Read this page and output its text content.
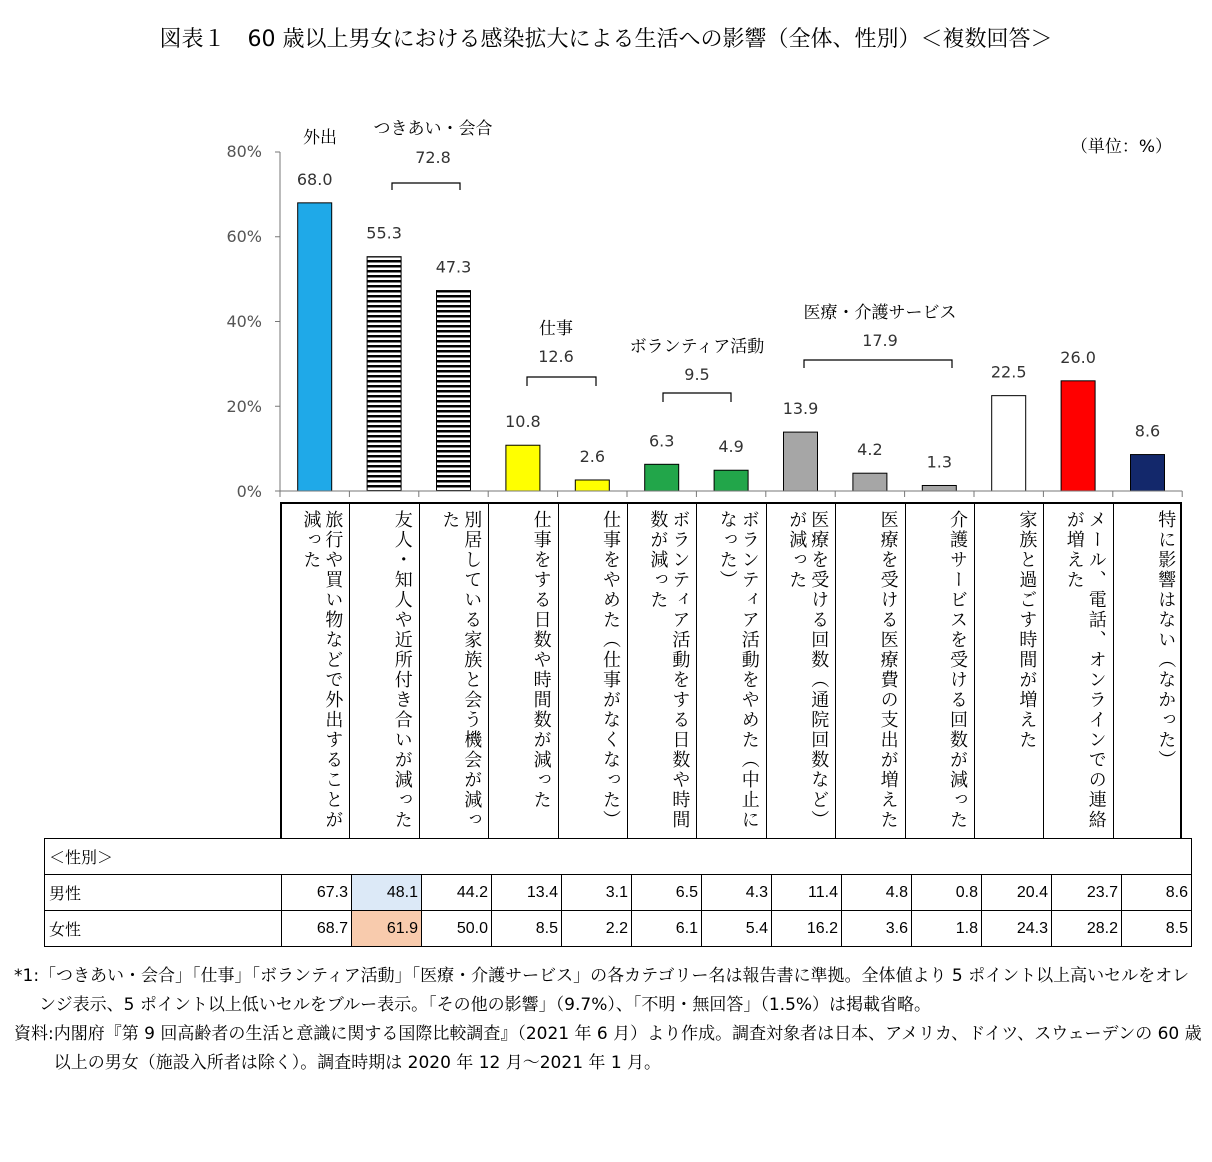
図表１　60 歳以上男女における感染拡大による生活への影響（全体、性別）＜複数回答＞
（単位：%）
0%
20%
40%
60%
80%
68.0
55.3
47.3
10.8
2.6
6.3	4.9
13.9
4.2
1.3
22.5
26.0
8.6
外出 つきあい・会合
72.8
仕事
12.6	ボランティア活動
9.5
医療・介護サービス
17.9
旅行や買い物などで外出することが減った	友人・知人や近所付き合いが減った	別居している家族と会う機会が減った	仕事をする日数や時間数が減った	仕事をやめた（仕事がなくなった）	ボランティア活動をする日数や時間数が減った	ボランティア活動をやめた（中止になった）	医療を受ける回数（通院回数など）が減った	医療を受ける医療費の支出が増えた	介護サービスを受ける回数が減った	家族と過ごす時間が増えた	メール、電話、オンラインでの連絡が増えた	特に影響はない（なかった）
＜性別＞													
男性	67.3	48.1	44.2	13.4	3.1	6.5	4.3	11.4	4.8	0.8	20.4	23.7	8.6
女性	68.7	61.9	50.0	8.5	2.2	6.1	5.4	16.2	3.6	1.8	24.3	28.2	8.5
*1: 「つきあい・会合」「仕事」「ボランティア活動」「医療・介護サービス」の各カテゴリー名は報告書に準拠。全体値より 5 ポイント以上高いセルをオレンジ表示、5 ポイント以上低いセルをブルー表示。「その他の影響」（9.7%）、「不明・無回答」（1.5%）は掲載省略。
資料: 内閣府『第 9 回高齢者の生活と意識に関する国際比較調査』（2021 年 6 月）より作成。調査対象者は日本、アメリカ、ドイツ、スウェーデンの 60 歳以上の男女（施設入所者は除く）。調査時期は 2020 年 12 月～2021 年 1 月。
